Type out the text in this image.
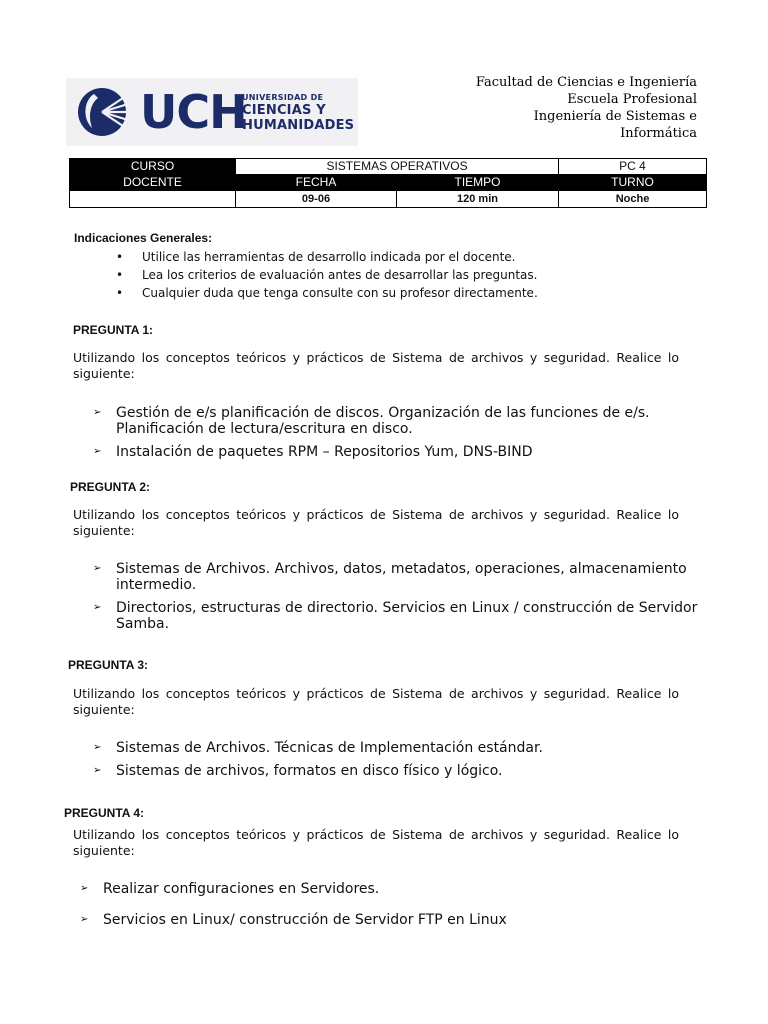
UCH
UNIVERSIDAD DE
CIENCIAS Y
HUMANIDADES
Facultad de Ciencias e Ingeniería
Escuela Profesional
Ingeniería de Sistemas e
Informática
CURSO	SISTEMAS OPERATIVOS		PC 4
DOCENTE	FECHA	TIEMPO	TURNO
	09-06	120 min	Noche
Indicaciones Generales:
• Utilice las herramientas de desarrollo indicada por el docente.
• Lea los criterios de evaluación antes de desarrollar las preguntas.
• Cualquier duda que tenga consulte con su profesor directamente.
PREGUNTA 1:
Utilizando los conceptos teóricos y prácticos de Sistema de archivos y seguridad. Realice lo siguiente:
➢ Gestión de e/s planificación de discos. Organización de las funciones de e/s. Planificación de lectura/escritura en disco.
➢ Instalación de paquetes RPM – Repositorios Yum, DNS-BIND
PREGUNTA 2:
Utilizando los conceptos teóricos y prácticos de Sistema de archivos y seguridad. Realice lo siguiente:
➢ Sistemas de Archivos. Archivos, datos, metadatos, operaciones, almacenamiento intermedio.
➢ Directorios, estructuras de directorio. Servicios en Linux / construcción de Servidor Samba.
PREGUNTA 3:
Utilizando los conceptos teóricos y prácticos de Sistema de archivos y seguridad. Realice lo siguiente:
➢ Sistemas de Archivos. Técnicas de Implementación estándar.
➢ Sistemas de archivos, formatos en disco físico y lógico.
PREGUNTA 4:
Utilizando los conceptos teóricos y prácticos de Sistema de archivos y seguridad. Realice lo siguiente:
➢ Realizar configuraciones en Servidores.
➢ Servicios en Linux/ construcción de Servidor FTP en Linux
